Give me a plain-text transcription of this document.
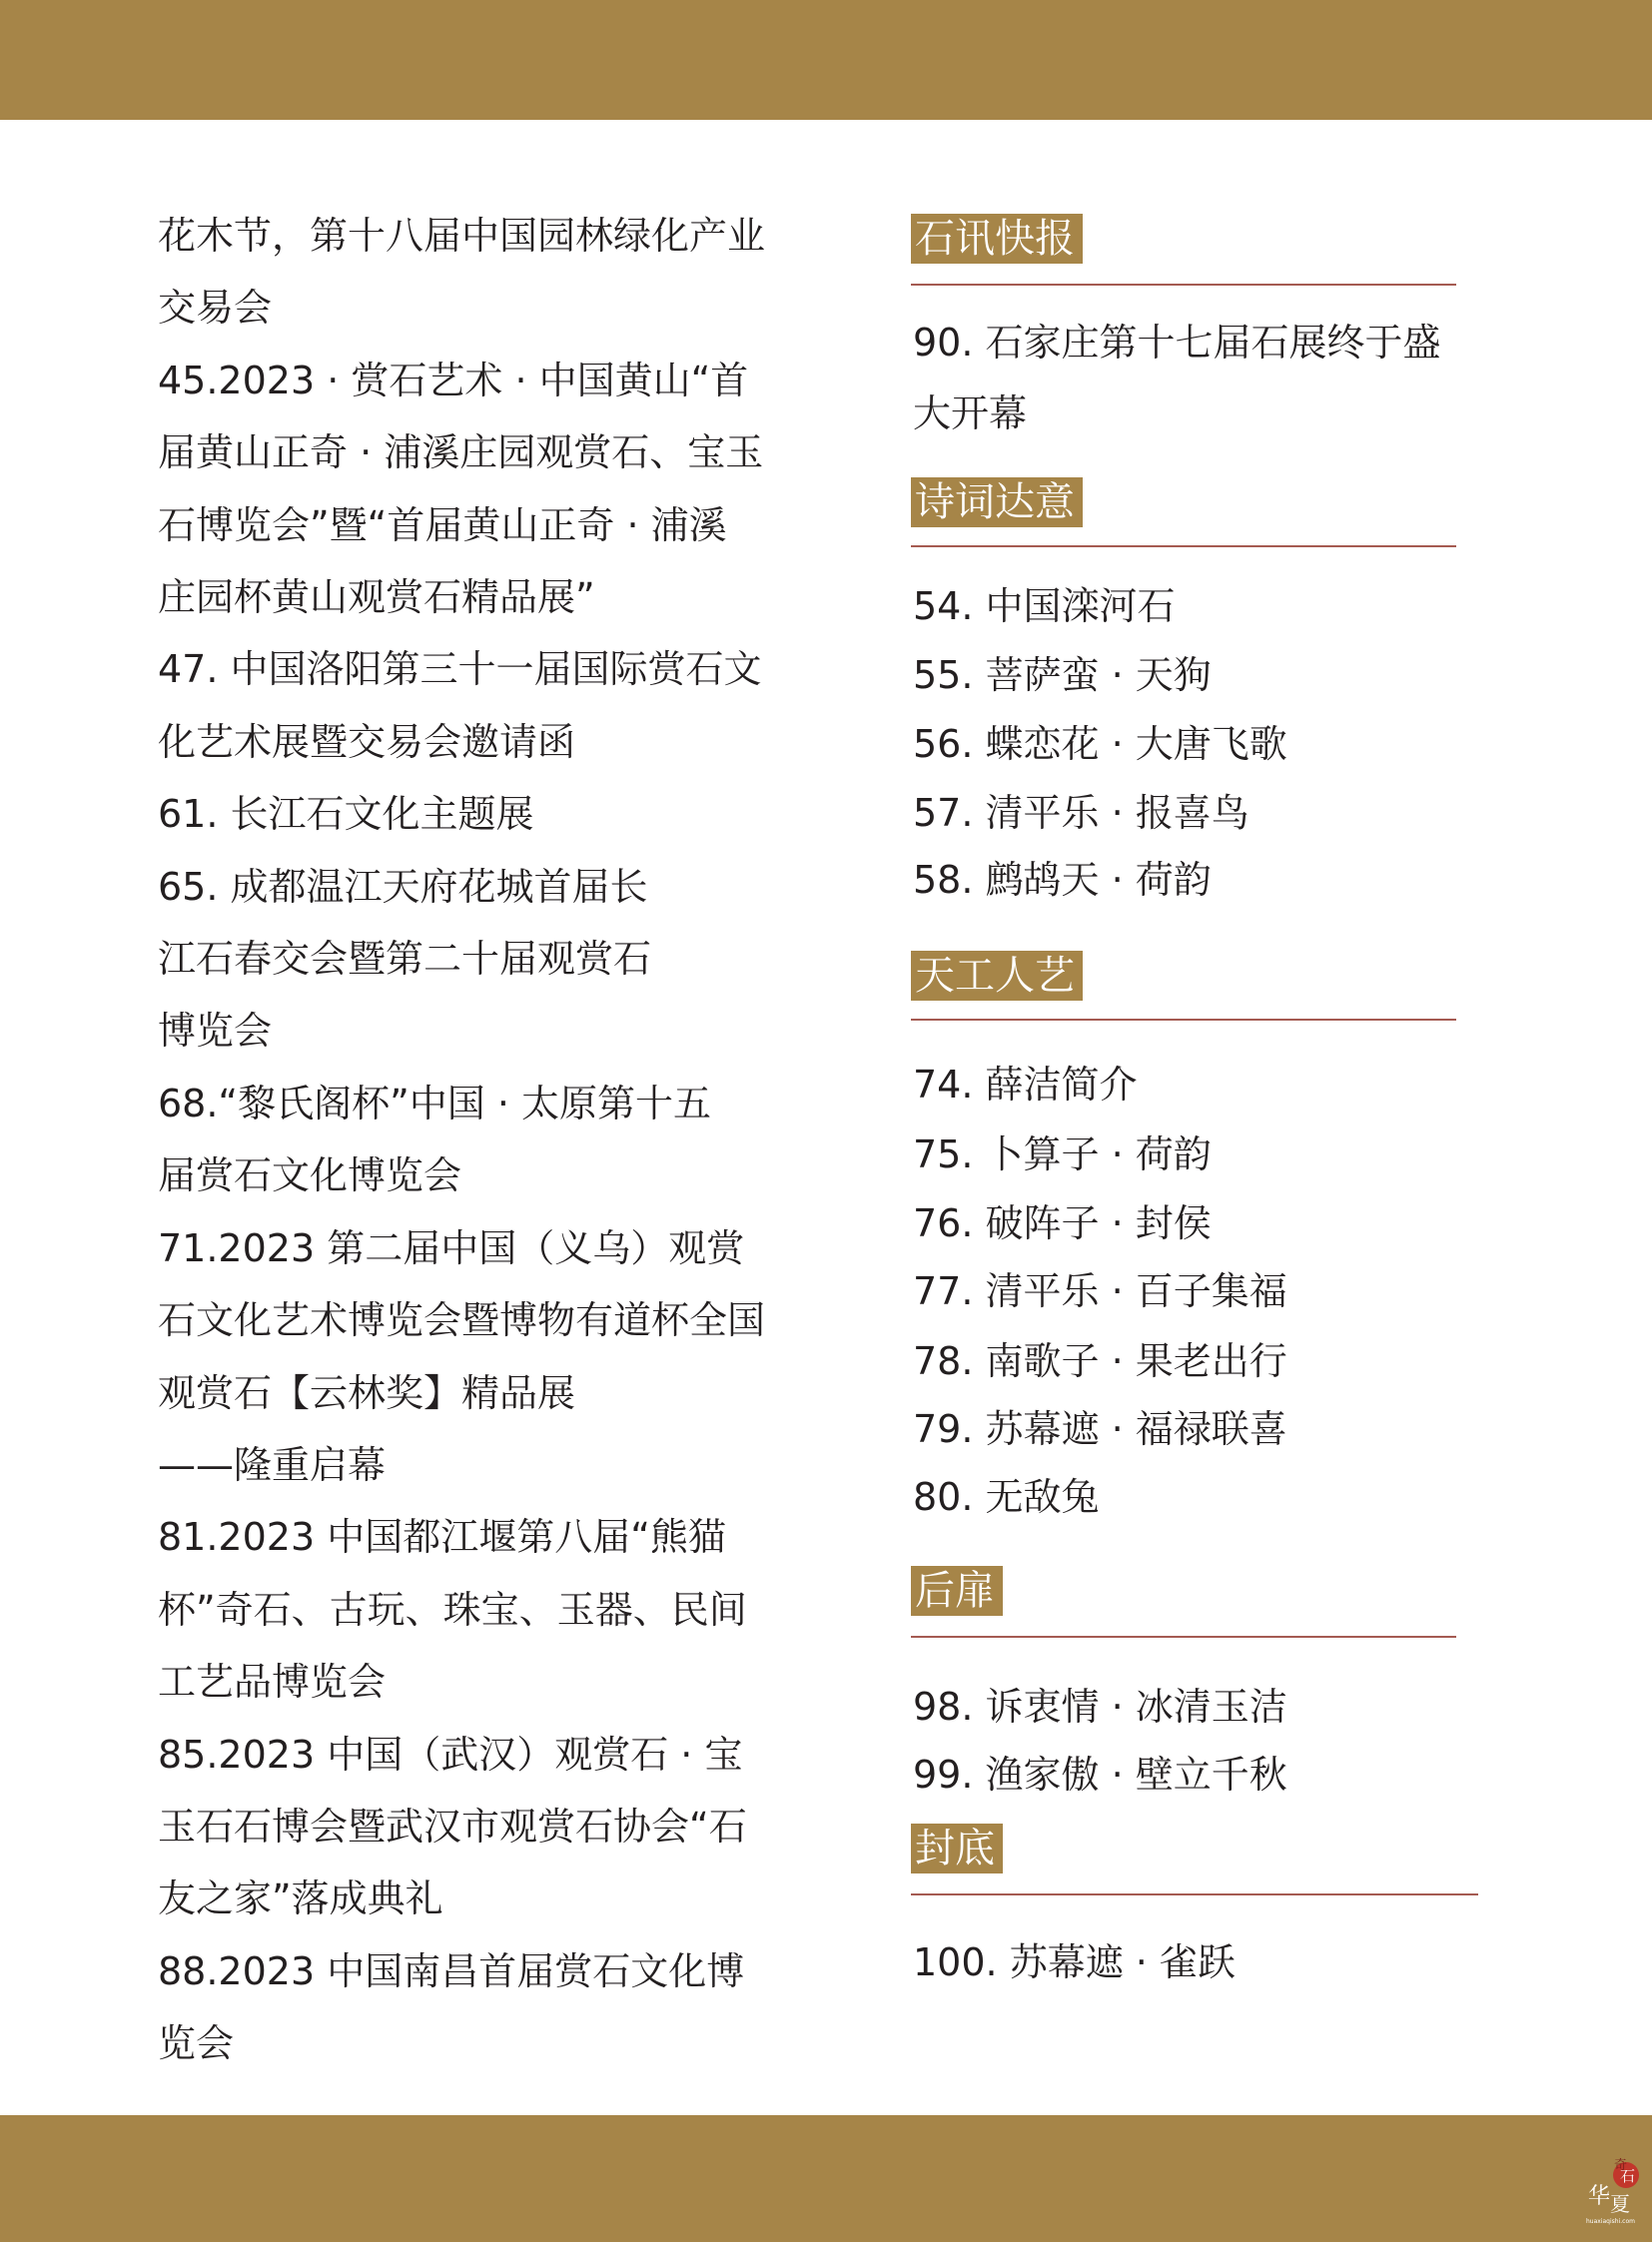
花木节，第十八届中国园林绿化产业
交易会
45.2023 · 赏石艺术 · 中国黄山“首
届黄山正奇 · 浦溪庄园观赏石、宝玉
石博览会”暨“首届黄山正奇 · 浦溪
庄园杯黄山观赏石精品展”
47. 中国洛阳第三十一届国际赏石文
化艺术展暨交易会邀请函
61. 长江石文化主题展
65. 成都温江天府花城首届长
江石春交会暨第二十届观赏石
博览会
68.“黎氏阁杯”中国 · 太原第十五
届赏石文化博览会
71.2023 第二届中国（义乌）观赏
石文化艺术博览会暨博物有道杯全国
观赏石【云林奖】精品展
——隆重启幕
81.2023 中国都江堰第八届“熊猫
杯”奇石、古玩、珠宝、玉器、民间
工艺品博览会
85.2023 中国（武汉）观赏石 · 宝
玉石石博会暨武汉市观赏石协会“石
友之家”落成典礼
88.2023 中国南昌首届赏石文化博
览会
石讯快报
90. 石家庄第十七届石展终于盛
大开幕
诗词达意
54. 中国滦河石
55. 菩萨蛮 · 天狗
56. 蝶恋花 · 大唐飞歌
57. 清平乐 · 报喜鸟
58. 鹧鸪天 · 荷韵
天工人艺
74. 薛洁简介
75. 卜算子 · 荷韵
76. 破阵子 · 封侯
77. 清平乐 · 百子集福
78. 南歌子 · 果老出行
79. 苏幕遮 · 福禄联喜
80. 无敌兔
后扉
98. 诉衷情 · 冰清玉洁
99. 渔家傲 · 壁立千秋
封底
100. 苏幕遮 · 雀跃
石
奇
华 夏
huaxiaqishi.com
